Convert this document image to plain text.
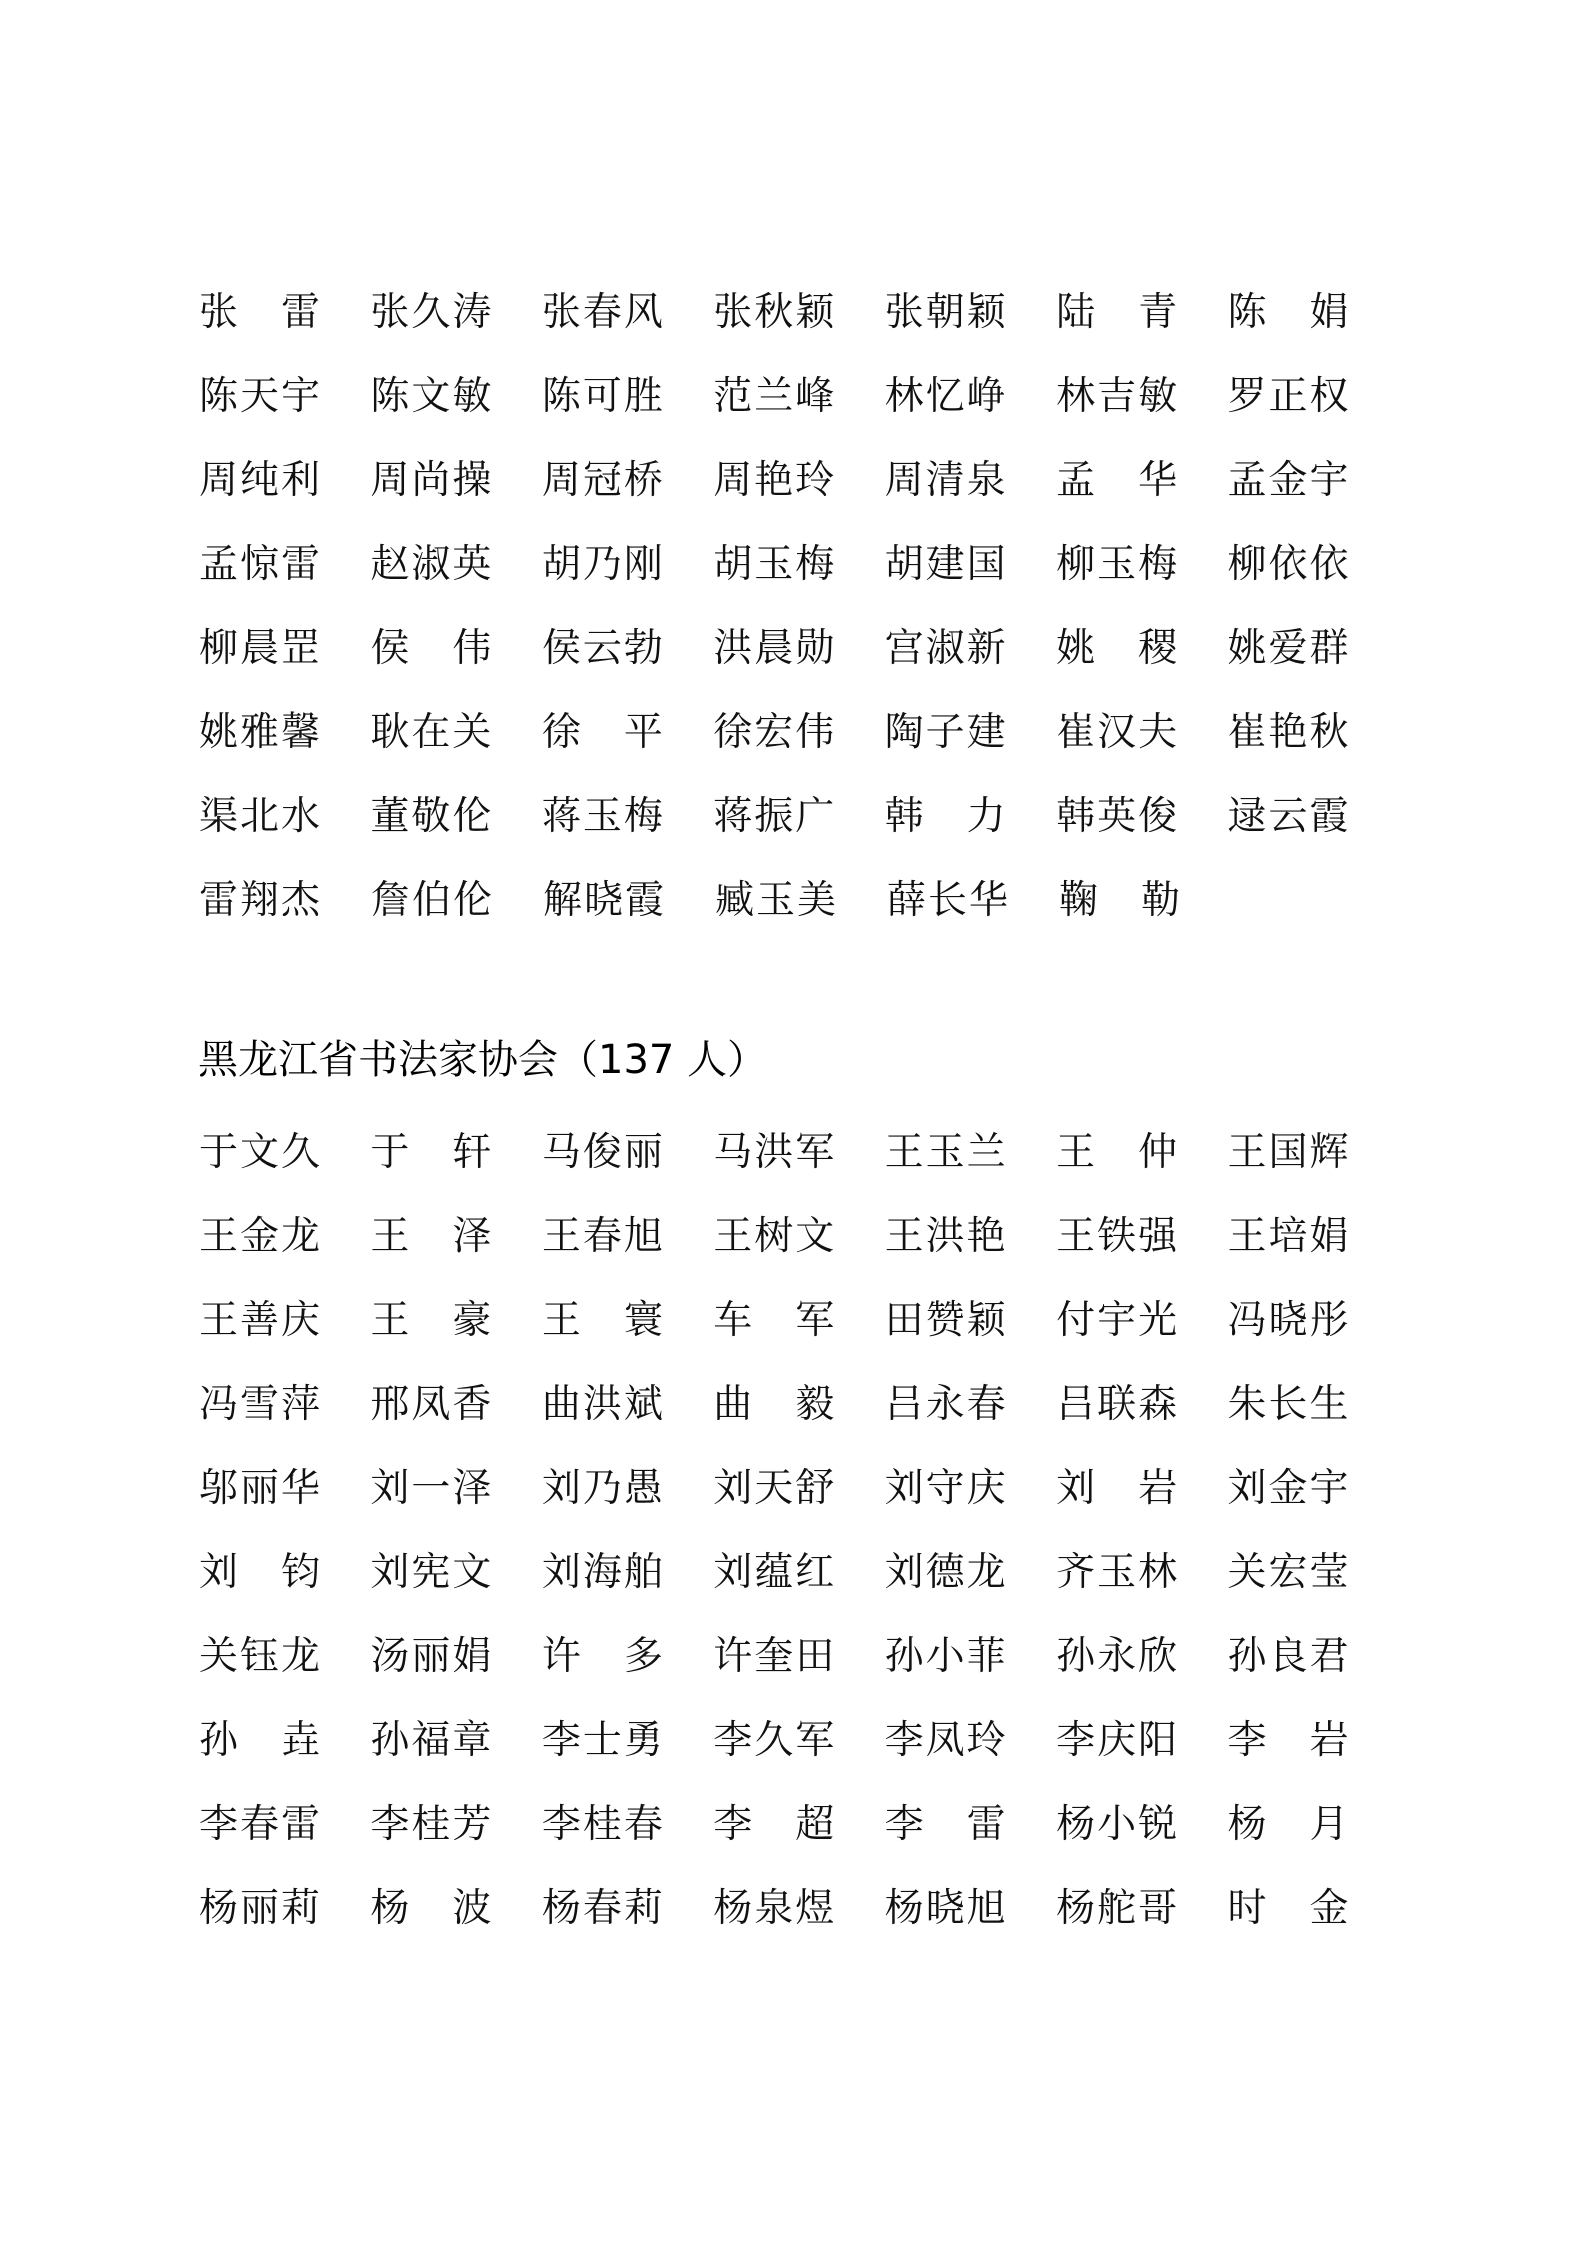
张 雷 张 久 涛 张 春 风 张 秋 颖 张 朝 颖 陆 青 陈 娟
陈 天 宇 陈 文 敏 陈 可 胜 范 兰 峰 林 忆 峥 林 吉 敏 罗 正 权
周 纯 利 周 尚 操 周 冠 桥 周 艳 玲 周 清 泉 孟 华 孟 金 宇
孟 惊 雷 赵 淑 英 胡 乃 刚 胡 玉 梅 胡 建 国 柳 玉 梅 柳 依 依
柳 晨 罡 侯 伟 侯 云 勃 洪 晨 勋 宫 淑 新 姚 稷 姚 爱 群
姚 雅 馨 耿 在 关 徐 平 徐 宏 伟 陶 子 建 崔 汉 夫 崔 艳 秋
渠 北 水 董 敬 伦 蒋 玉 梅 蒋 振 广 韩 力 韩 英 俊 逯 云 霞
雷 翔 杰 詹 伯 伦 解 晓 霞 臧 玉 美 薛 长 华 鞠 勒
黑龙江省书法家协会（137 人）
于 文 久 于 轩 马 俊 丽 马 洪 军 王 玉 兰 王 仲 王 国 辉
王 金 龙 王 泽 王 春 旭 王 树 文 王 洪 艳 王 铁 强 王 培 娟
王 善 庆 王 豪 王 寰 车 军 田 赞 颖 付 宇 光 冯 晓 彤
冯 雪 萍 邢 凤 香 曲 洪 斌 曲 毅 吕 永 春 吕 联 森 朱 长 生
邬 丽 华 刘 一 泽 刘 乃 愚 刘 天 舒 刘 守 庆 刘 岩 刘 金 宇
刘 钧 刘 宪 文 刘 海 舶 刘 蕴 红 刘 德 龙 齐 玉 林 关 宏 莹
关 钰 龙 汤 丽 娟 许 多 许 奎 田 孙 小 菲 孙 永 欣 孙 良 君
孙 垚 孙 福 章 李 士 勇 李 久 军 李 凤 玲 李 庆 阳 李 岩
李 春 雷 李 桂 芳 李 桂 春 李 超 李 雷 杨 小 锐 杨 月
杨 丽 莉 杨 波 杨 春 莉 杨 泉 煜 杨 晓 旭 杨 舵 哥 时 金
